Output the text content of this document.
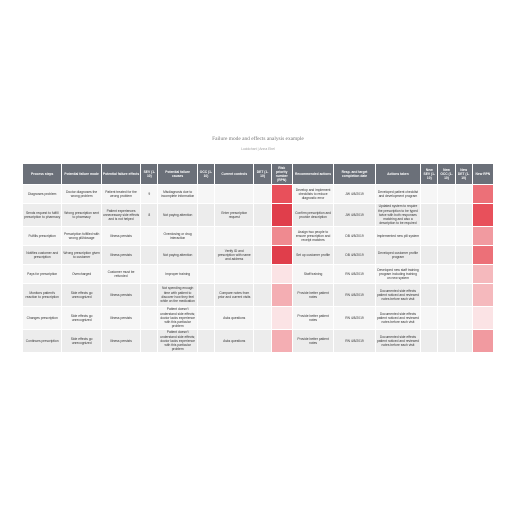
Failure mode and effects analysis example
Lucidchart | Anna Ebel
Process steps	Potential failure mode	Potential failure effects	SEV (1-10)	Potential failure causes	OCC (1-10)	Current controls	DET (1-10)	Risk priority number (RPN)	Recommended actions	Resp. and target completion date	Actions taken	New SEV (1-10)	New OCC (1-10)	New DET (1-10)	New RPN
Diagnoses problem	Doctor diagnoses the wrong problem	Patient treated for the wrong problem	9	Misdiagnosis due to incomplete information					Develop and implement checklists to reduce diagnostic error	JW 4/8/2019	Developed patient checklist and development program				
Sends request to fulfill prescription to pharmacy	Wrong prescription sent to pharmacy	Patient experiences unnecessary side effects and is not helped	8	Not paying attention		Enter prescription request			Confirm prescription and provide description	JW 4/8/2019	Updated system to require the prescription to be typed twice with both responses matching and also a description to be required				
Fulfills prescription	Prescription fulfilled with wrong pill/dosage	Illness persists		Overdosing or drug interaction					Assign two people to ensure prescription and receipt matches	DB 4/8/2019	Implemented new pill system				
Notifies customer and prescription	Wrong prescription given to customer	Illness persists		Not paying attention		Verify ID and prescription with name and address			Set up customer profile	DB 4/8/2019	Developed customer profile program				
Pays for prescription	Overcharged	Customer must be refunded		Improper training					Staff training	RN 4/8/2019	Developed new staff training program including training on new system				
Monitors patient's reaction to prescription	Side effects go unrecognized	Illness persists		Not spending enough time with patient to discover how they feel while on the medication		Compare notes from prior and current visits			Provide better patient notes	RN 4/8/2019	Documented side effects patient noticed and reviewed notes before each visit				
Changes prescription	Side effects go unrecognized	Illness persists		Patient doesn't understand side effects; doctor lacks experience with this particular problem		Asks questions			Provide better patient notes	RN 4/8/2019	Documented side effects patient noticed and reviewed notes before each visit				
Continues prescription	Side effects go unrecognized	Illness persists		Patient doesn't understand side effects; doctor lacks experience with this particular problem		Asks questions			Provide better patient notes	RN 4/8/2019	Documented side effects patient noticed and reviewed notes before each visit				
